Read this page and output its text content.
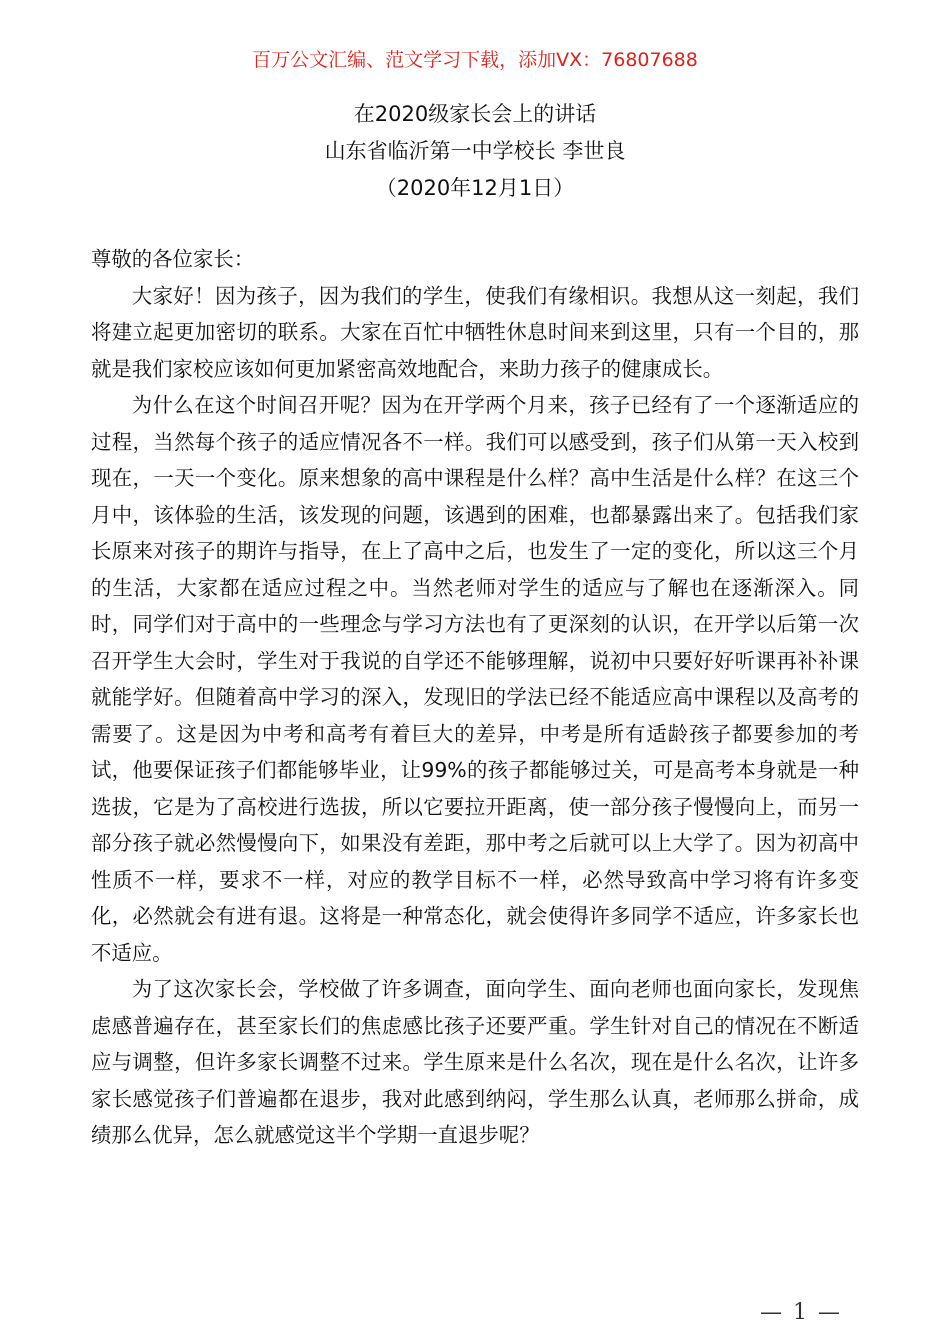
百万公文汇编、范文学习下载，添加VX：76807688
在2020级家长会上的讲话
山东省临沂第一中学校长 李世良
（2020年12月1日）

尊敬的各位家长：

大家好！因为孩子，因为我们的学生，使我们有缘相识。我想从这一刻起，我们将建立起更加密切的联系。大家在百忙中牺牲休息时间来到这里，只有一个目的，那就是我们家校应该如何更加紧密高效地配合，来助力孩子的健康成长。

为什么在这个时间召开呢？因为在开学两个月来，孩子已经有了一个逐渐适应的过程，当然每个孩子的适应情况各不一样。我们可以感受到，孩子们从第一天入校到现在，一天一个变化。原来想象的高中课程是什么样？高中生活是什么样？在这三个月中，该体验的生活，该发现的问题，该遇到的困难，也都暴露出来了。包括我们家长原来对孩子的期许与指导，在上了高中之后，也发生了一定的变化，所以这三个月的生活，大家都在适应过程之中。当然老师对学生的适应与了解也在逐渐深入。同时，同学们对于高中的一些理念与学习方法也有了更深刻的认识，在开学以后第一次召开学生大会时，学生对于我说的自学还不能够理解，说初中只要好好听课再补补课就能学好。但随着高中学习的深入，发现旧的学法已经不能适应高中课程以及高考的需要了。这是因为中考和高考有着巨大的差异，中考是所有适龄孩子都要参加的考试，他要保证孩子们都能够毕业，让99%的孩子都能够过关，可是高考本身就是一种选拔，它是为了高校进行选拔，所以它要拉开距离，使一部分孩子慢慢向上，而另一部分孩子就必然慢慢向下，如果没有差距，那中考之后就可以上大学了。因为初高中性质不一样，要求不一样，对应的教学目标不一样，必然导致高中学习将有许多变化，必然就会有进有退。这将是一种常态化，就会使得许多同学不适应，许多家长也不适应。

为了这次家长会，学校做了许多调查，面向学生、面向老师也面向家长，发现焦虑感普遍存在，甚至家长们的焦虑感比孩子还要严重。学生针对自己的情况在不断适应与调整，但许多家长调整不过来。学生原来是什么名次，现在是什么名次，让许多家长感觉孩子们普遍都在退步，我对此感到纳闷，学生那么认真，老师那么拼命，成绩那么优异，怎么就感觉这半个学期一直退步呢？

— 1 —
